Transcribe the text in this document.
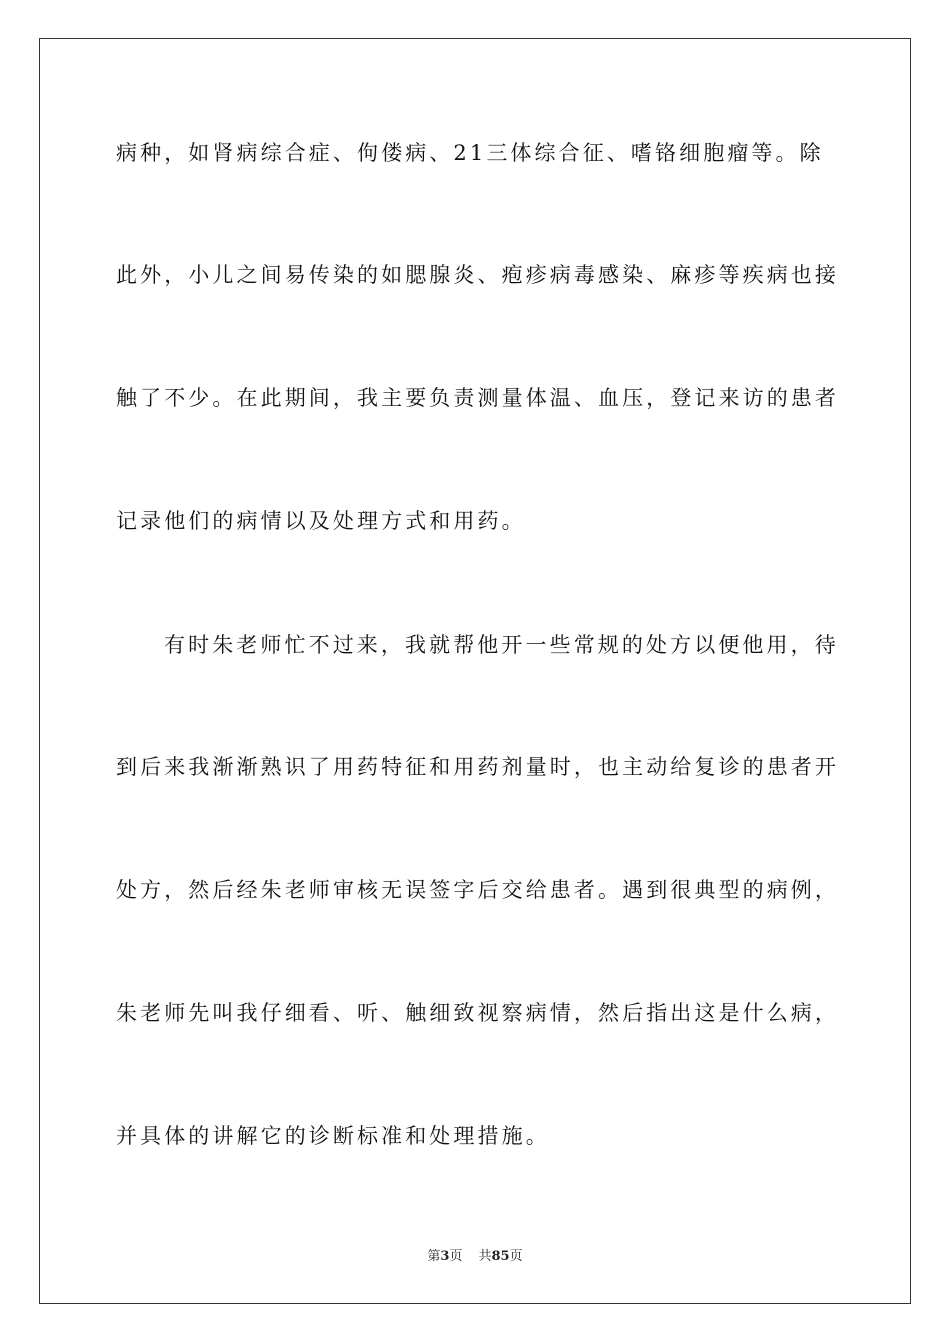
病种，如肾病综合症、佝偻病、21三体综合征、嗜铬细胞瘤等。除
此外，小儿之间易传染的如腮腺炎、疱疹病毒感染、麻疹等疾病也接
触了不少。在此期间，我主要负责测量体温、血压，登记来访的患者
记录他们的病情以及处理方式和用药。
有时朱老师忙不过来，我就帮他开一些常规的处方以便他用，待
到后来我渐渐熟识了用药特征和用药剂量时，也主动给复诊的患者开
处方，然后经朱老师审核无误签字后交给患者。遇到很典型的病例，
朱老师先叫我仔细看、听、触细致视察病情，然后指出这是什么病，
并具体的讲解它的诊断标准和处理措施。
第3页 共85页
